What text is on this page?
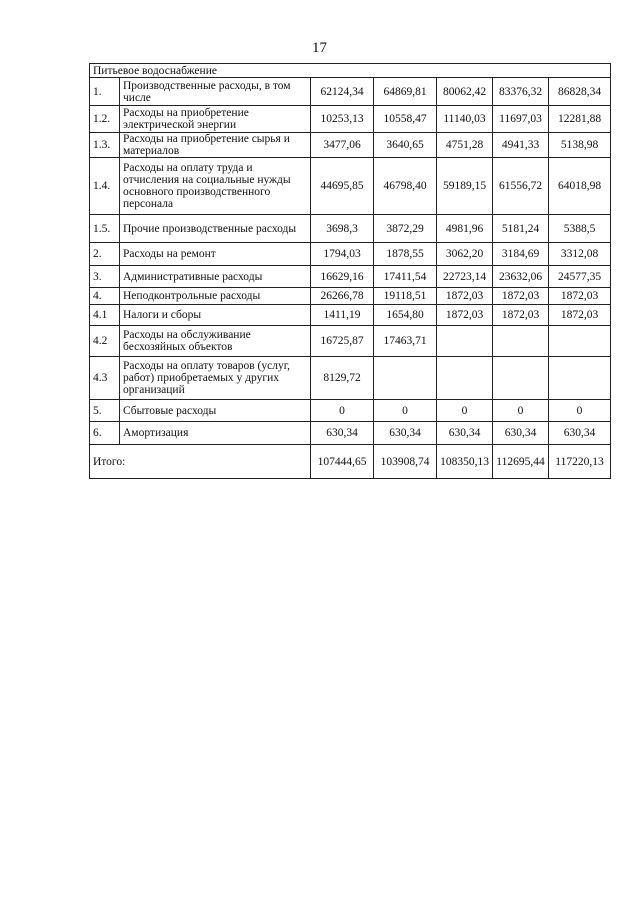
17
Питьевое водоснабжение						
1.	Производственные расходы, в том числе	62124,34	64869,81	80062,42	83376,32	86828,34
1.2.	Расходы на приобретение электрической энергии	10253,13	10558,47	11140,03	11697,03	12281,88
1.3.	Расходы на приобретение сырья и материалов	3477,06	3640,65	4751,28	4941,33	5138,98
1.4.	Расходы на оплату труда и отчисления на социальные нужды основного производственного персонала	44695,85	46798,40	59189,15	61556,72	64018,98
1.5.	Прочие производственные расходы	3698,3	3872,29	4981,96	5181,24	5388,5
2.	Расходы на ремонт	1794,03	1878,55	3062,20	3184,69	3312,08
3.	Административные расходы	16629,16	17411,54	22723,14	23632,06	24577,35
4.	Неподконтрольные расходы	26266,78	19118,51	1872,03	1872,03	1872,03
4.1	Налоги и сборы	1411,19	1654,80	1872,03	1872,03	1872,03
4.2	Расходы на обслуживание бесхозяйных объектов	16725,87	17463,71			
4.3	Расходы на оплату товаров (услуг, работ) приобретаемых у других организаций	8129,72				
5.	Сбытовые расходы	0	0	0	0	0
6.	Амортизация	630,34	630,34	630,34	630,34	630,34
Итого:		107444,65	103908,74	108350,13	112695,44	117220,13
